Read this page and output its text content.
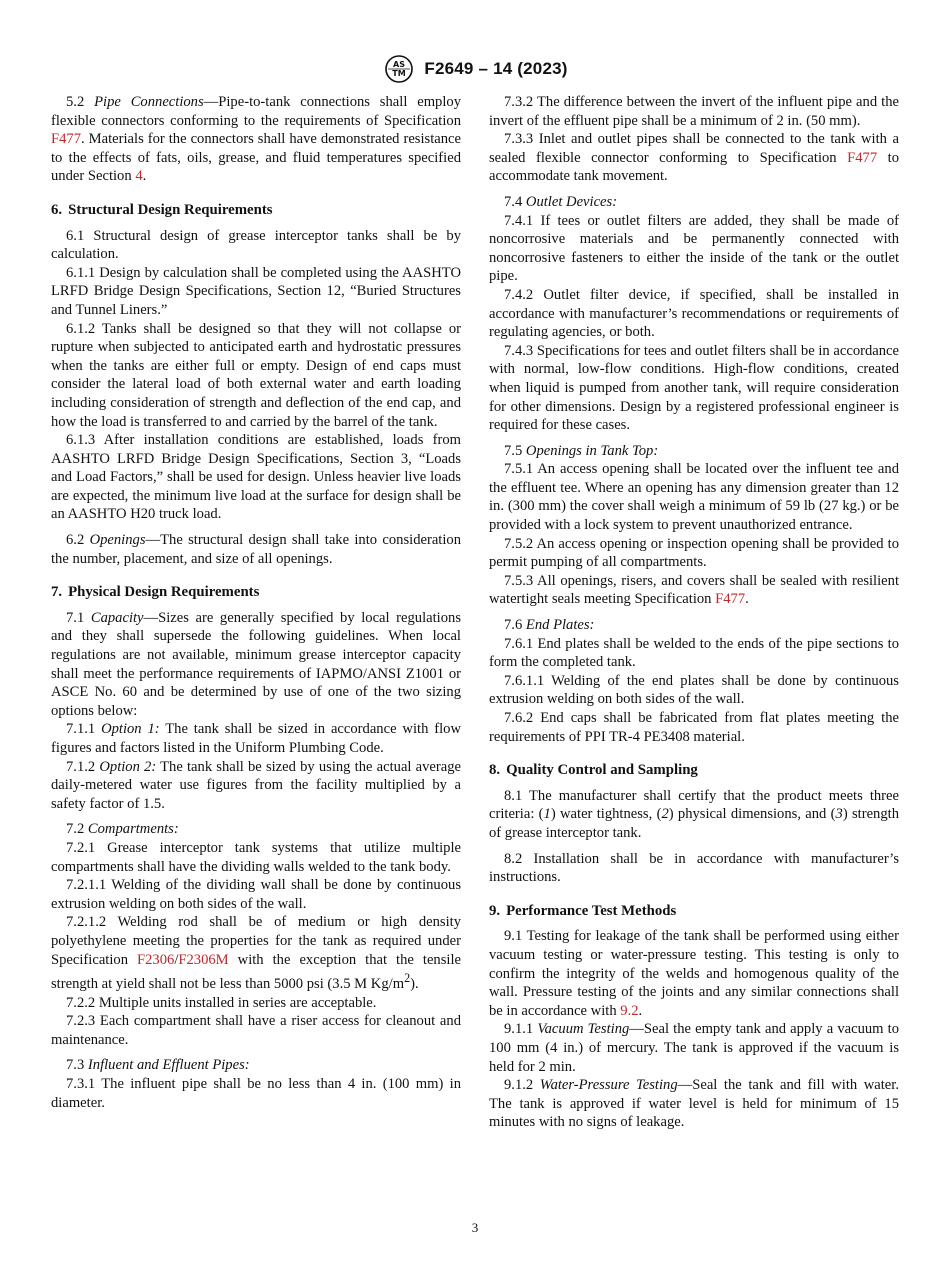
AS
TM F2649 – 14 (2023)

5.2 Pipe Connections—Pipe-to-tank connections shall employ flexible connectors conforming to the requirements of Specification F477. Materials for the connectors shall have demonstrated resistance to the effects of fats, oils, grease, and fluid temperatures specified under Section 4.

6. Structural Design Requirements

6.1 Structural design of grease interceptor tanks shall be by calculation.

6.1.1 Design by calculation shall be completed using the AASHTO LRFD Bridge Design Specifications, Section 12, “Buried Structures and Tunnel Liners.”

6.1.2 Tanks shall be designed so that they will not collapse or rupture when subjected to anticipated earth and hydrostatic pressures when the tanks are either full or empty. Design of end caps must consider the lateral load of both external water and earth loading including consideration of strength and deflection of the end cap, and how the load is transferred to and carried by the barrel of the tank.

6.1.3 After installation conditions are established, loads from AASHTO LRFD Bridge Design Specifications, Section 3, “Loads and Load Factors,” shall be used for design. Unless heavier live loads are expected, the minimum live load at the surface for design shall be an AASHTO H20 truck load.

6.2 Openings—The structural design shall take into consideration the number, placement, and size of all openings.

7. Physical Design Requirements

7.1 Capacity—Sizes are generally specified by local regulations and they shall supersede the following guidelines. When local regulations are not available, minimum grease interceptor capacity shall meet the performance requirements of IAPMO/ANSI Z1001 or ASCE No. 60 and be determined by use of one of the two sizing options below:

7.1.1 Option 1: The tank shall be sized in accordance with flow figures and factors listed in the Uniform Plumbing Code.

7.1.2 Option 2: The tank shall be sized by using the actual average daily-metered water use figures from the facility multiplied by a safety factor of 1.5.

7.2 Compartments:

7.2.1 Grease interceptor tank systems that utilize multiple compartments shall have the dividing walls welded to the tank body.

7.2.1.1 Welding of the dividing wall shall be done by continuous extrusion welding on both sides of the wall.

7.2.1.2 Welding rod shall be of medium or high density polyethylene meeting the properties for the tank as required under Specification F2306/F2306M with the exception that the tensile strength at yield shall not be less than 5000 psi (3.5 M $Kg/m^2$).

7.2.2 Multiple units installed in series are acceptable.

7.2.3 Each compartment shall have a riser access for cleanout and maintenance.

7.3 Influent and Effluent Pipes:

7.3.1 The influent pipe shall be no less than 4 in. (100 mm) in diameter.

7.3.2 The difference between the invert of the influent pipe and the invert of the effluent pipe shall be a minimum of 2 in. (50 mm).

7.3.3 Inlet and outlet pipes shall be connected to the tank with a sealed flexible connector conforming to Specification F477 to accommodate tank movement.

7.4 Outlet Devices:

7.4.1 If tees or outlet filters are added, they shall be made of noncorrosive materials and be permanently connected with noncorrosive fasteners to either the inside of the tank or the outlet pipe.

7.4.2 Outlet filter device, if specified, shall be installed in accordance with manufacturer’s recommendations or requirements of regulating agencies, or both.

7.4.3 Specifications for tees and outlet filters shall be in accordance with normal, low-flow conditions. High-flow conditions, created when liquid is pumped from another tank, will require consideration for other dimensions. Design by a registered professional engineer is required for these cases.

7.5 Openings in Tank Top:

7.5.1 An access opening shall be located over the influent tee and the effluent tee. Where an opening has any dimension greater than 12 in. (300 mm) the cover shall weigh a minimum of 59 lb (27 kg.) or be provided with a lock system to prevent unauthorized entrance.

7.5.2 An access opening or inspection opening shall be provided to permit pumping of all compartments.

7.5.3 All openings, risers, and covers shall be sealed with resilient watertight seals meeting Specification F477.

7.6 End Plates:

7.6.1 End plates shall be welded to the ends of the pipe sections to form the completed tank.

7.6.1.1 Welding of the end plates shall be done by continuous extrusion welding on both sides of the wall.

7.6.2 End caps shall be fabricated from flat plates meeting the requirements of PPI TR-4 PE3408 material.

8. Quality Control and Sampling

8.1 The manufacturer shall certify that the product meets three criteria: (1) water tightness, (2) physical dimensions, and (3) strength of grease interceptor tank.

8.2 Installation shall be in accordance with manufacturer’s instructions.

9. Performance Test Methods

9.1 Testing for leakage of the tank shall be performed using either vacuum testing or water-pressure testing. This testing is only to confirm the integrity of the welds and homogenous quality of the wall. Pressure testing of the joints and any similar connections shall be in accordance with 9.2.

9.1.1 Vacuum Testing—Seal the empty tank and apply a vacuum to 100 mm (4 in.) of mercury. The tank is approved if the vacuum is held for 2 min.

9.1.2 Water-Pressure Testing—Seal the tank and fill with water. The tank is approved if water level is held for minimum of 15 minutes with no signs of leakage.

3
